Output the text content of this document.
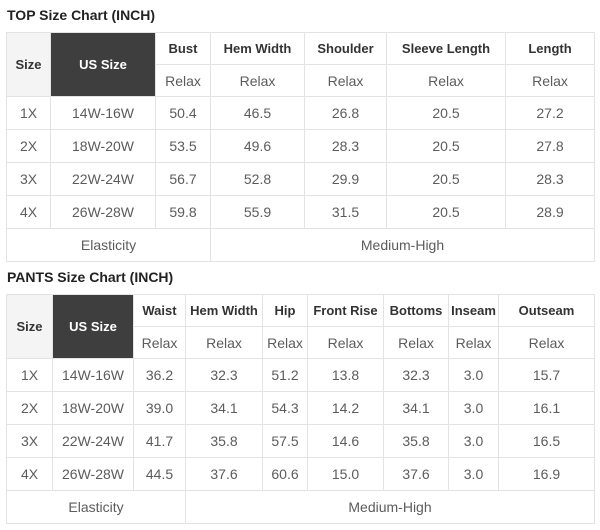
TOP Size Chart (INCH)
Size	US Size	Bust	Hem Width	Shoulder	Sleeve Length	Length
		Relax	Relax	Relax	Relax	Relax
1X	14W-16W	50.4	46.5	26.8	20.5	27.2
2X	18W-20W	53.5	49.6	28.3	20.5	27.8
3X	22W-24W	56.7	52.8	29.9	20.5	28.3
4X	26W-28W	59.8	55.9	31.5	20.5	28.9
Elasticity			Medium-High			
PANTS Size Chart (INCH)
Size	US Size	Waist	Hem Width	Hip	Front Rise	Bottoms	Inseam	Outseam
		Relax	Relax	Relax	Relax	Relax	Relax	Relax
1X	14W-16W	36.2	32.3	51.2	13.8	32.3	3.0	15.7
2X	18W-20W	39.0	34.1	54.3	14.2	34.1	3.0	16.1
3X	22W-24W	41.7	35.8	57.5	14.6	35.8	3.0	16.5
4X	26W-28W	44.5	37.6	60.6	15.0	37.6	3.0	16.9
Elasticity			Medium-High					
